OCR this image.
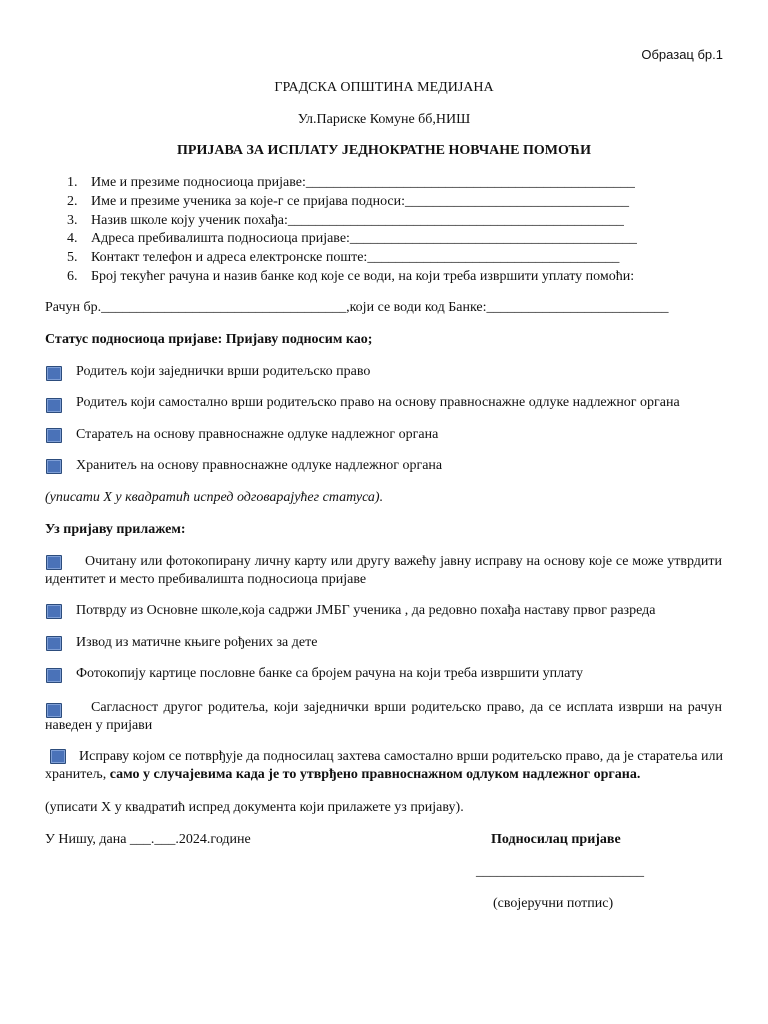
Образац бр.1
ГРАДСКА ОПШТИНА МЕДИЈАНА
Ул.Париске Комуне бб,НИШ
ПРИЈАВА ЗА ИСПЛАТУ ЈЕДНОКРАТНЕ НОВЧАНЕ ПОМОЋИ
1. Име и презиме подносиоца пријаве:_______________________________________________
2. Име и презиме ученика за које-г се пријава подноси:________________________________
3. Назив школе коју ученик похађа:________________________________________________
4. Адреса пребивалишта подносиоца пријаве:_________________________________________
5. Контакт телефон и адреса електронске поште:____________________________________
6. Број текућег рачуна и назив банке код које се води, на који треба извршити уплату помоћи:
Рачун бр.___________________________________,који се води код Банке:__________________________
Статус подносиоца пријаве: Пријаву подносим као;
Родитељ који заједнички врши родитељско право
Родитељ који самостално врши родитељско право на основу правноснажне одлуке надлежног органа
Старатељ на основу правноснажне одлуке надлежног органа
Хранитељ на основу правноснажне одлуке надлежног органа
(уписати Х у квадратић испред одговарајућег статуса).
Уз пријаву прилажем:
Очитану или фотокопирану личну карту или другу важећу јавну исправу на основу које се може утврдити идентитет и место пребивалишта подносиоца пријаве
Потврду из Основне школе,која садржи ЈМБГ ученика , да редовно похађа наставу првог разреда
Извод из матичне књиге рођених за дете
Фотокопију картице пословне банке са бројем рачуна на који треба извршити уплату
Сагласност другог родитеља, који заједнички врши родитељско право, да се исплата изврши на рачун наведен у пријави
Исправу којом се потврђује да подносилац захтева самостално врши родитељско право, да је старатеља или хранитељ, само у случајевима када је то утврђено правноснажном одлуком надлежног органа.
(уписати Х у квадратић испред документа који прилажете уз пријаву).
У Нишу, дана ___.___.2024.године	Подносилац пријаве
________________________
(својеручни потпис)
